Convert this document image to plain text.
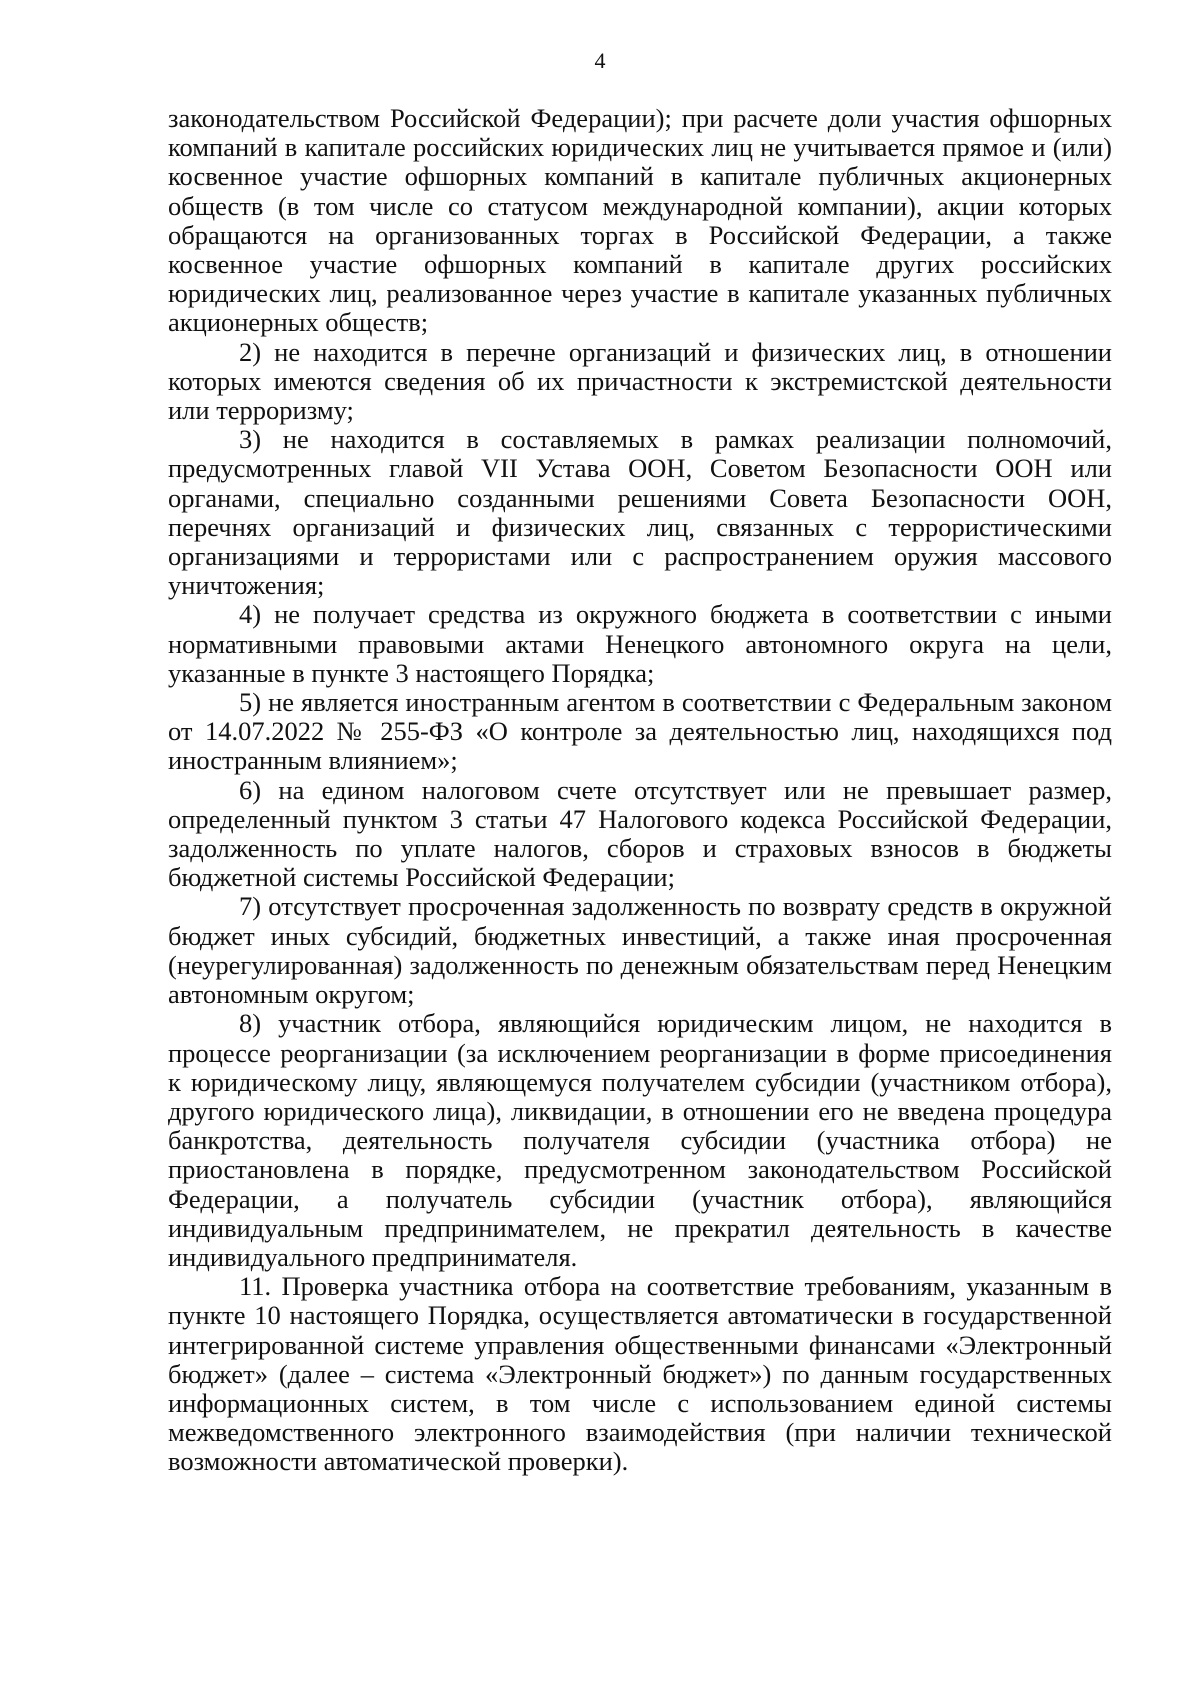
4

законодательством Российской Федерации); при расчете доли участия офшорных компаний в капитале российских юридических лиц не учитывается прямое и (или) косвенное участие офшорных компаний в капитале публичных акционерных обществ (в том числе со статусом международной компании), акции которых обращаются на организованных торгах в Российской Федерации, а также косвенное участие офшорных компаний в капитале других российских юридических лиц, реализованное через участие в капитале указанных публичных акционерных обществ;

2) не находится в перечне организаций и физических лиц, в отношении которых имеются сведения об их причастности к экстремистской деятельности или терроризму;

3) не находится в составляемых в рамках реализации полномочий, предусмотренных главой VII Устава ООН, Советом Безопасности ООН или органами, специально созданными решениями Совета Безопасности ООН, перечнях организаций и физических лиц, связанных с террористическими организациями и террористами или с распространением оружия массового уничтожения;

4) не получает средства из окружного бюджета в соответствии с иными нормативными правовыми актами Ненецкого автономного округа на цели, указанные в пункте 3 настоящего Порядка;

5) не является иностранным агентом в соответствии с Федеральным законом от 14.07.2022 № 255-ФЗ «О контроле за деятельностью лиц, находящихся под иностранным влиянием»;

6) на едином налоговом счете отсутствует или не превышает размер, определенный пунктом 3 статьи 47 Налогового кодекса Российской Федерации, задолженность по уплате налогов, сборов и страховых взносов в бюджеты бюджетной системы Российской Федерации;

7) отсутствует просроченная задолженность по возврату средств в окружной бюджет иных субсидий, бюджетных инвестиций, а также иная просроченная (неурегулированная) задолженность по денежным обязательствам перед Ненецким автономным округом;

8) участник отбора, являющийся юридическим лицом, не находится в процессе реорганизации (за исключением реорганизации в форме присоединения к юридическому лицу, являющемуся получателем субсидии (участником отбора), другого юридического лица), ликвидации, в отношении его не введена процедура банкротства, деятельность получателя субсидии (участника отбора) не приостановлена в порядке, предусмотренном законодательством Российской Федерации, а получатель субсидии (участник отбора), являющийся индивидуальным предпринимателем, не прекратил деятельность в качестве индивидуального предпринимателя.

11. Проверка участника отбора на соответствие требованиям, указанным в пункте 10 настоящего Порядка, осуществляется автоматически в государственной интегрированной системе управления общественными финансами «Электронный бюджет» (далее – система «Электронный бюджет») по данным государственных информационных систем, в том числе с использованием единой системы межведомственного электронного взаимодействия (при наличии технической возможности автоматической проверки).
